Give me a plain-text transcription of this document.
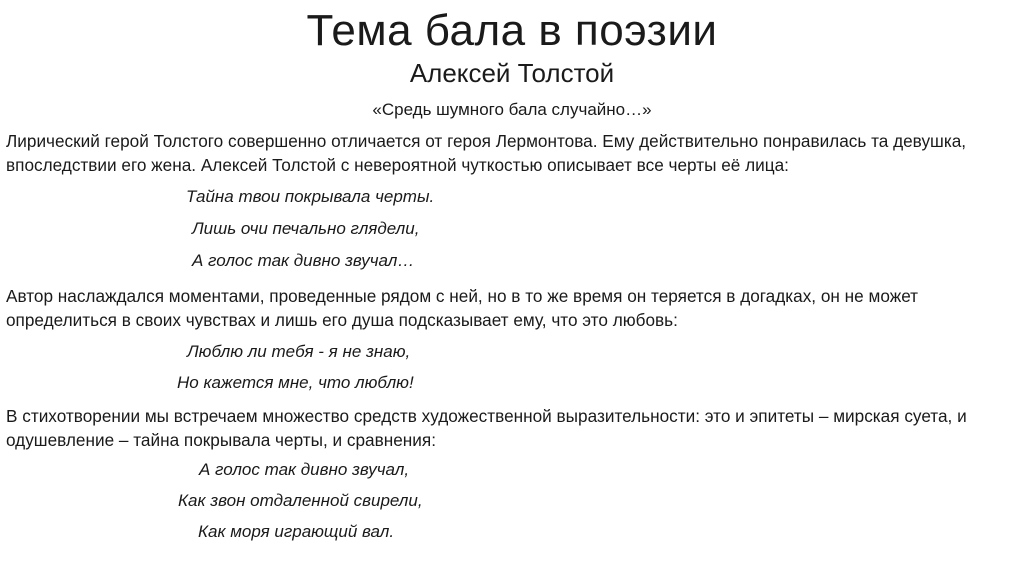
Тема бала в поэзии
Алексей Толстой
«Средь шумного бала случайно…»

Лирический герой Толстого совершенно отличается от героя Лермонтова. Ему действительно понравилась та девушка, впоследствии его жена. Алексей Толстой с невероятной чуткостью описывает все черты её лица:

Тайна твои покрывала черты.
Лишь очи печально глядели,
А голос так дивно звучал…

Автор наслаждался моментами, проведенные рядом с ней, но в то же время он теряется в догадках, он не может определиться в своих чувствах и лишь его душа подсказывает ему, что это любовь:

Люблю ли тебя - я не знаю,
Но кажется мне, что люблю!

В стихотворении мы встречаем множество средств художественной выразительности: это и эпитеты – мирская суета, и одушевление – тайна покрывала черты, и сравнения:

А голос так дивно звучал,
Как звон отдаленной свирели,
Как моря играющий вал.
